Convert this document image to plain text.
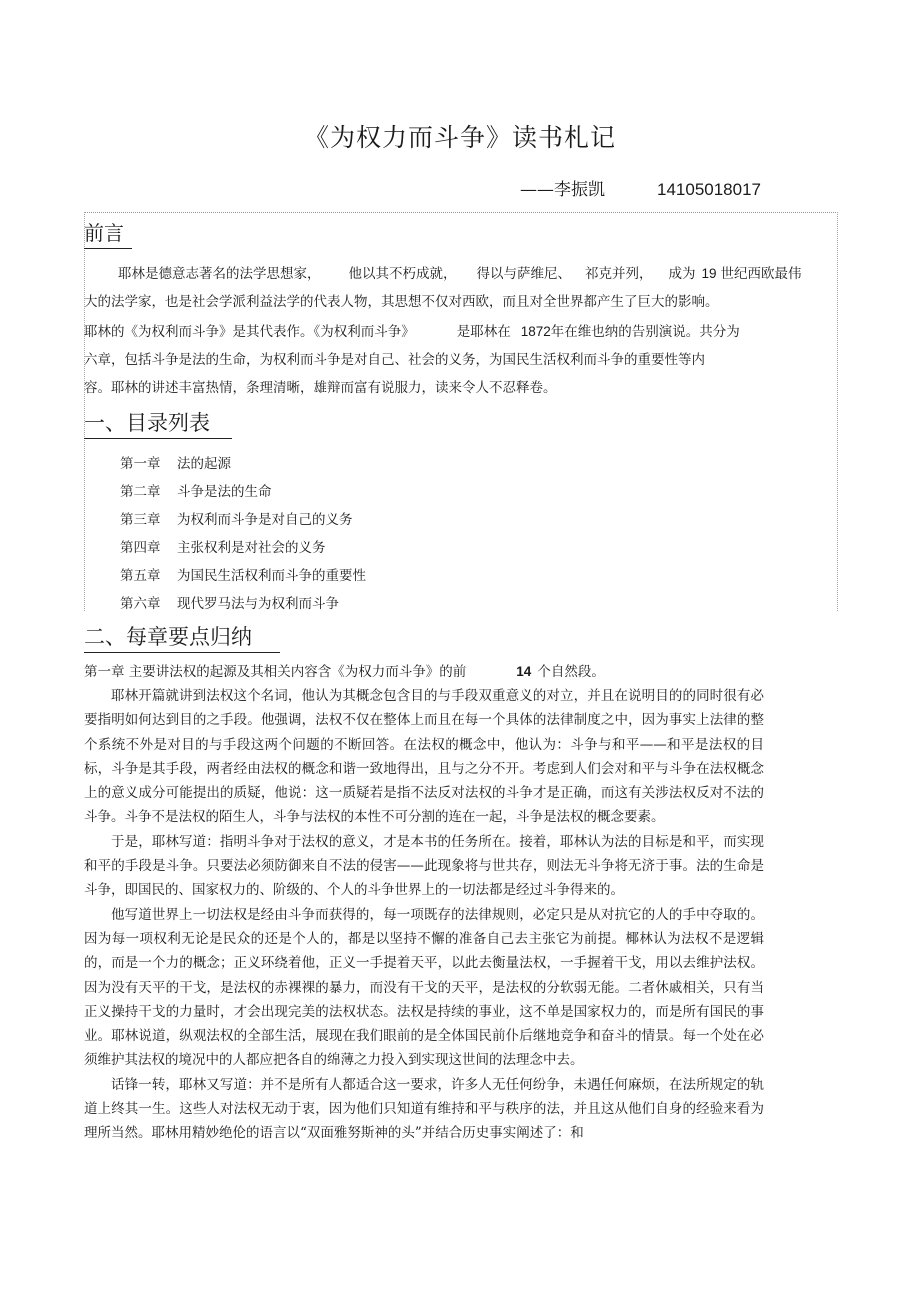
《为权力而斗争》读书札记
——李振凯	14105018017
前言
耶林是德意志著名的法学思想家， 他以其不朽成就， 得以与萨维尼、 祁克并列， 成为 19 世纪西欧最伟
大的法学家，也是社会学派利益法学的代表人物，其思想不仅对西欧，而且对全世界都产生了巨大的影响。
耶林的《为权利而斗争》是其代表作。《为权利而斗争》	是耶林在 1872年在维也纳的告别演说。共分为
六章，包括斗争是法的生命，为权利而斗争是对自己、社会的义务，为国民生活权利而斗争的重要性等内
容。耶林的讲述丰富热情，条理清晰，雄辩而富有说服力，读来令人不忍释卷。
一、目录列表
第一章 法的起源
第二章 斗争是法的生命
第三章 为权利而斗争是对自己的义务
第四章 主张权利是对社会的义务
第五章 为国民生活权利而斗争的重要性
第六章 现代罗马法与为权利而斗争
二、每章要点归纳
第一章 主要讲法权的起源及其相关内容含《为权力而斗争》的前	14 个自然段。

耶林开篇就讲到法权这个名词，他认为其概念包含目的与手段双重意义的对立，并且在说明目的的同时很有必要指明如何达到目的之手段。他强调，法权不仅在整体上而且在每一个具体的法律制度之中，因为事实上法律的整个系统不外是对目的与手段这两个问题的不断回答。在法权的概念中，他认为：斗争与和平——和平是法权的目标，斗争是其手段，两者经由法权的概念和谐一致地得出，且与之分不开。考虑到人们会对和平与斗争在法权概念上的意义成分可能提出的质疑，他说：这一质疑若是指不法反对法权的斗争才是正确，而这有关涉法权反对不法的斗争。斗争不是法权的陌生人，斗争与法权的本性不可分割的连在一起，斗争是法权的概念要素。

于是，耶林写道：指明斗争对于法权的意义，才是本书的任务所在。接着，耶林认为法的目标是和平，而实现和平的手段是斗争。只要法必须防御来自不法的侵害——此现象将与世共存，则法无斗争将无济于事。法的生命是斗争，即国民的、国家权力的、阶级的、个人的斗争世界上的一切法都是经过斗争得来的。

他写道世界上一切法权是经由斗争而获得的，每一项既存的法律规则，必定只是从对抗它的人的手中夺取的。因为每一项权利无论是民众的还是个人的，都是以坚持不懈的准备自己去主张它为前提。椰林认为法权不是逻辑的，而是一个力的概念；正义环绕着他，正义一手提着天平，以此去衡量法权，一手握着干戈，用以去维护法权。因为没有天平的干戈，是法权的赤裸裸的暴力，而没有干戈的天平，是法权的分软弱无能。二者休戚相关，只有当正义操持干戈的力量时，才会出现完美的法权状态。法权是持续的事业，这不单是国家权力的，而是所有国民的事业。耶林说道，纵观法权的全部生活，展现在我们眼前的是全体国民前仆后继地竞争和奋斗的情景。每一个处在必须维护其法权的境况中的人都应把各自的绵薄之力投入到实现这世间的法理念中去。

话锋一转，耶林又写道：并不是所有人都适合这一要求，许多人无任何纷争，未遇任何麻烦，在法所规定的轨道上终其一生。这些人对法权无动于衷，因为他们只知道有维持和平与秩序的法，并且这从他们自身的经验来看为理所当然。耶林用精妙绝伦的语言以“双面雅努斯神的头”并结合历史事实阐述了：和
